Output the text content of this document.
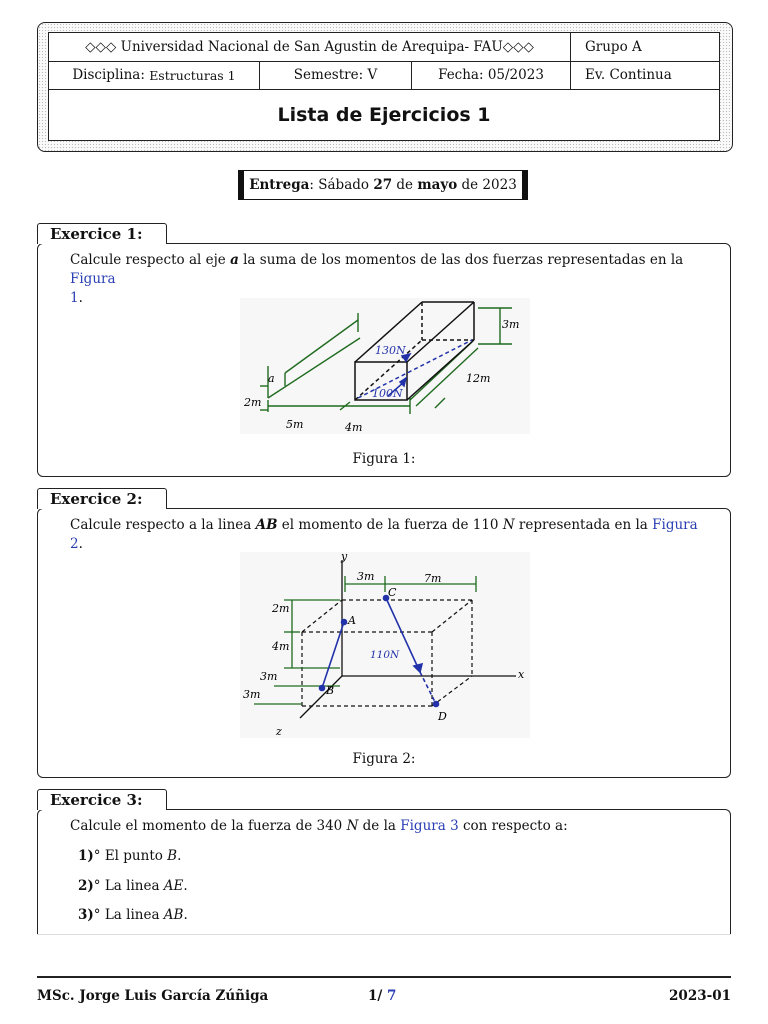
◇◇◇ Universidad Nacional de San Agustin de Arequipa- FAU◇◇◇	Grupo A
Disciplina:
Estructuras 1	Semestre: V	Fecha: 05/2023	Ev. Continua
Lista de Ejercicios 1
Entrega : Sábado 27 de mayo de 2023
Exercice 1:
Calcule respecto al eje a la suma de los momentos de las dos fuerzas representadas en la Figura
1.
130N
100N
3m
12m
2m
5m	4m
a
Figura 1:
Exercice 2:
Calcule respecto a la linea AB el momento de la fuerza de 110 N representada en la Figura 2.
y
x
z
A
B
C
D
110N
3m	7m
2m
4m
3m
3m
Figura 2:
Exercice 3:
Calcule el momento de la fuerza de 340 N de la Figura 3 con respecto a:
1)° El punto B.
2)° La linea AE.
3)° La linea AB.
MSc. Jorge Luis García Zúñiga	1/ 7	2023-01
